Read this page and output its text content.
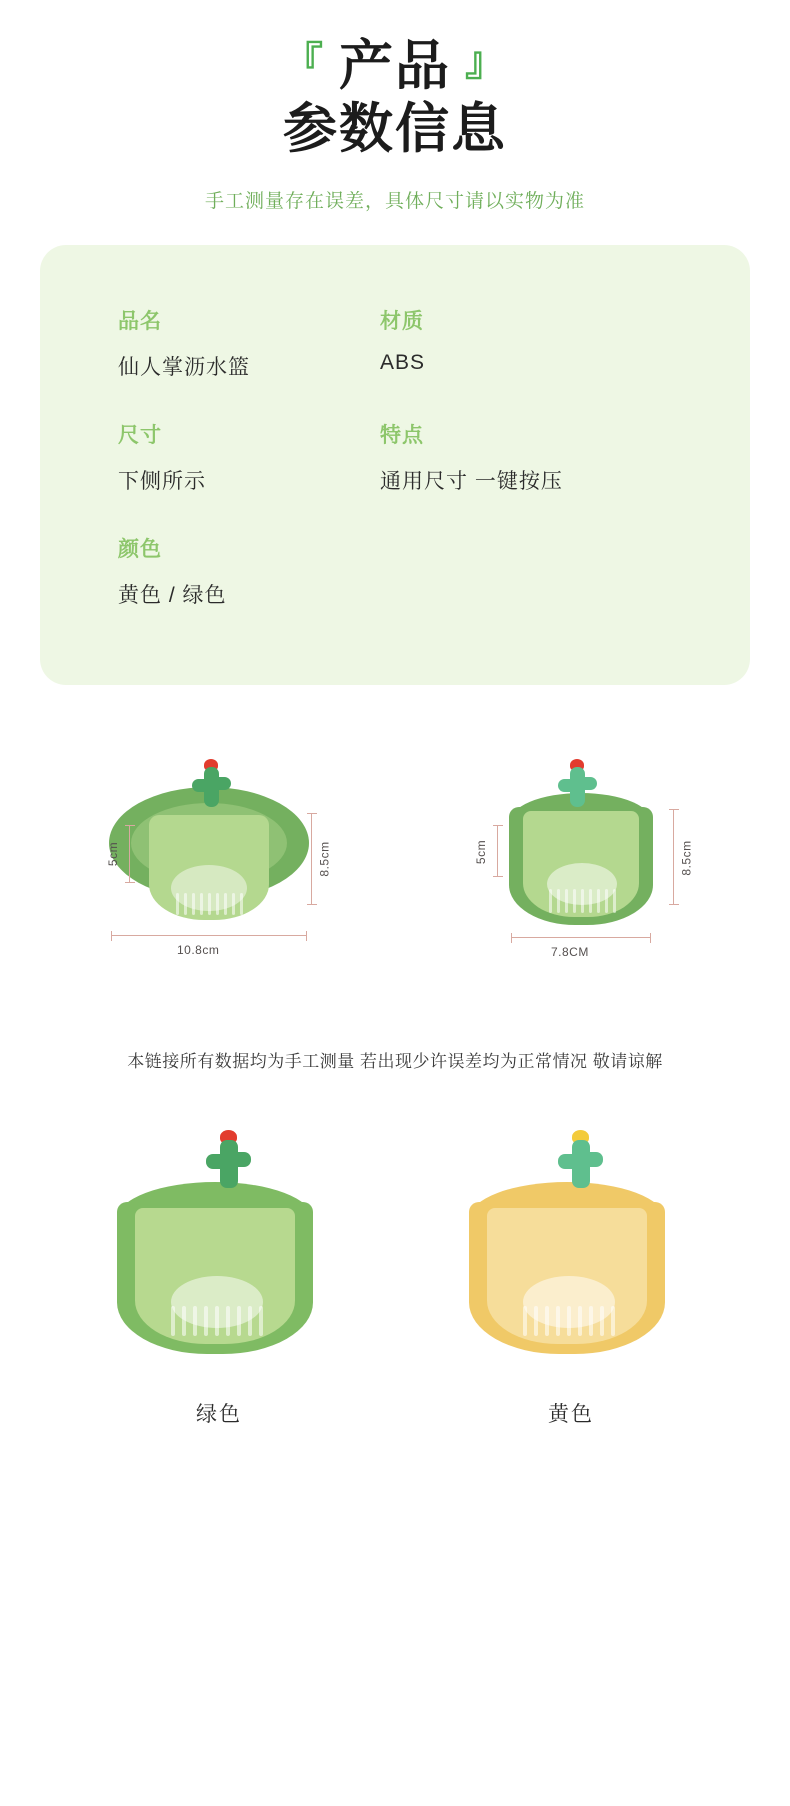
『 产品 』
参数信息
手工测量存在误差，具体尺寸请以实物为准
品名
仙人掌沥水篮
材质
ABS
尺寸
下侧所示
特点
通用尺寸 一键按压
颜色
黄色 / 绿色
5cm	8.5cm
10.8cm
5cm	8.5cm
7.8CM
本链接所有数据均为手工测量 若出现少许误差均为正常情况 敬请谅解
绿色	黄色
